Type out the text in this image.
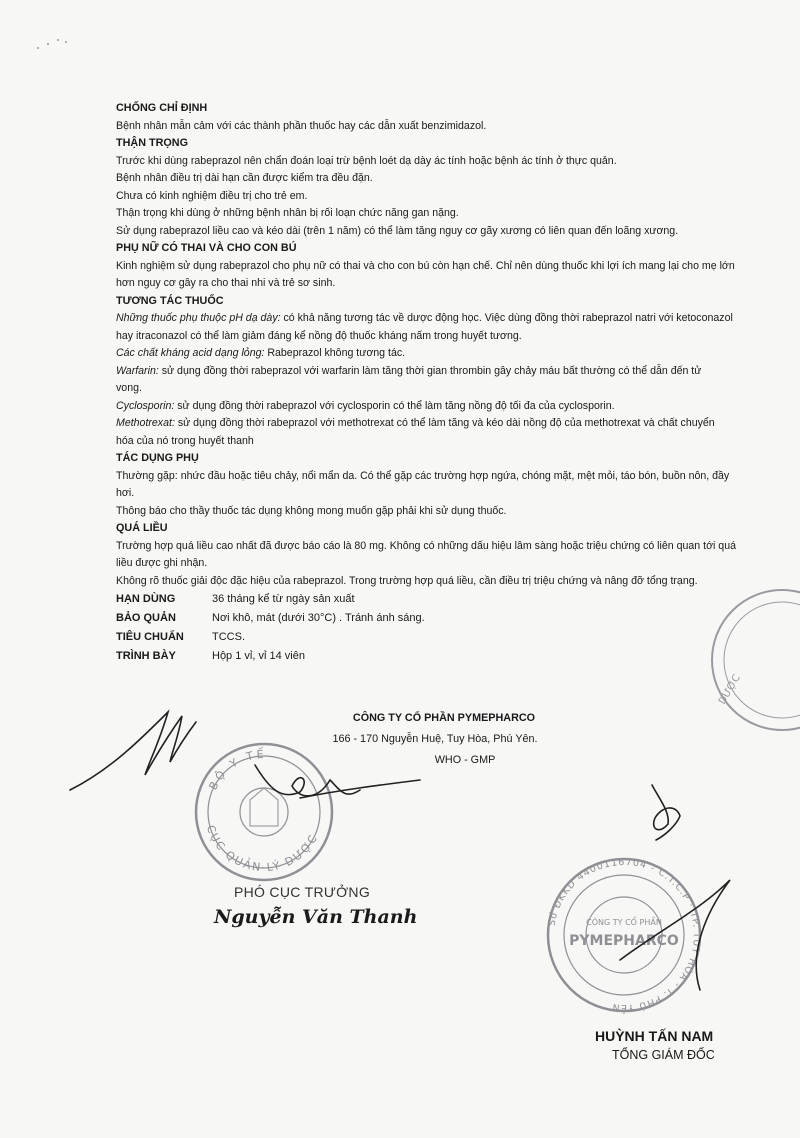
BỘ Y TẾ
CỤC QUẢN LÝ DƯỢC
DƯỢC
Số ĐKKD 4400116704 - C.T.C.P · TP. TUY HÒA - T. PHÚ YÊN
CÔNG TY CỔ PHẦN
PYMEPHARCO
CHỐNG CHỈ ĐỊNH

Bệnh nhân mẫn cảm với các thành phần thuốc hay các dẫn xuất benzimidazol.

THẬN TRỌNG

Trước khi dùng rabeprazol nên chẩn đoán loại trừ bệnh loét dạ dày ác tính hoặc bệnh ác tính ở thực quản.

Bệnh nhân điều trị dài hạn cần được kiểm tra đều đặn.

Chưa có kinh nghiệm điều trị cho trẻ em.

Thận trọng khi dùng ở những bệnh nhân bị rối loạn chức năng gan nặng.

Sử dụng rabeprazol liều cao và kéo dài (trên 1 năm) có thể làm tăng nguy cơ gãy xương có liên quan đến loãng xương.

PHỤ NỮ CÓ THAI VÀ CHO CON BÚ

Kinh nghiệm sử dụng rabeprazol cho phụ nữ có thai và cho con bú còn hạn chế. Chỉ nên dùng thuốc khi lợi ích mang lại cho mẹ lớn

hơn nguy cơ gây ra cho thai nhi và trẻ sơ sinh.

TƯƠNG TÁC THUỐC

Những thuốc phụ thuộc pH dạ dày: có khả năng tương tác về dược động học. Việc dùng đồng thời rabeprazol natri với ketoconazol

hay itraconazol có thể làm giảm đáng kể nồng độ thuốc kháng nấm trong huyết tương.

Các chất kháng acid dạng lỏng: Rabeprazol không tương tác.

Warfarin: sử dụng đồng thời rabeprazol với warfarin làm tăng thời gian thrombin gây chảy máu bất thường có thể dẫn đến tử

vong.

Cyclosporin: sử dụng đồng thời rabeprazol với cyclosporin có thể làm tăng nồng độ tối đa của cyclosporin.

Methotrexat: sử dụng đồng thời rabeprazol với methotrexat có thể làm tăng và kéo dài nồng độ của methotrexat và chất chuyển

hóa của nó trong huyết thanh

TÁC DỤNG PHỤ

Thường gặp: nhức đầu hoặc tiêu chảy, nổi mẩn da. Có thể gặp các trường hợp ngứa, chóng mặt, mệt mỏi, táo bón, buồn nôn, đầy

hơi.

Thông báo cho thầy thuốc tác dụng không mong muốn gặp phải khi sử dụng thuốc.

QUÁ LIỀU

Trường hợp quá liều cao nhất đã được báo cáo là 80 mg. Không có những dấu hiệu lâm sàng hoặc triệu chứng có liên quan tới quá

liều được ghi nhận.

Không rõ thuốc giải độc đặc hiệu của rabeprazol. Trong trường hợp quá liều, cần điều trị triệu chứng và nâng đỡ tổng trạng.

HẠN DÙNG	36 tháng kể từ ngày sản xuất
BẢO QUẢN	Nơi khô, mát (dưới 30°C) . Tránh ánh sáng.
TIÊU CHUẨN	TCCS.
TRÌNH BÀY	Hộp 1 vỉ, vỉ 14 viên
CÔNG TY CỔ PHẦN PYMEPHARCO
166 - 170 Nguyễn Huệ, Tuy Hòa, Phú Yên.
WHO - GMP
PHÓ CỤC TRƯỞNG
Nguyễn Văn Thanh
HUỲNH TẤN NAM
TỔNG GIÁM ĐỐC
